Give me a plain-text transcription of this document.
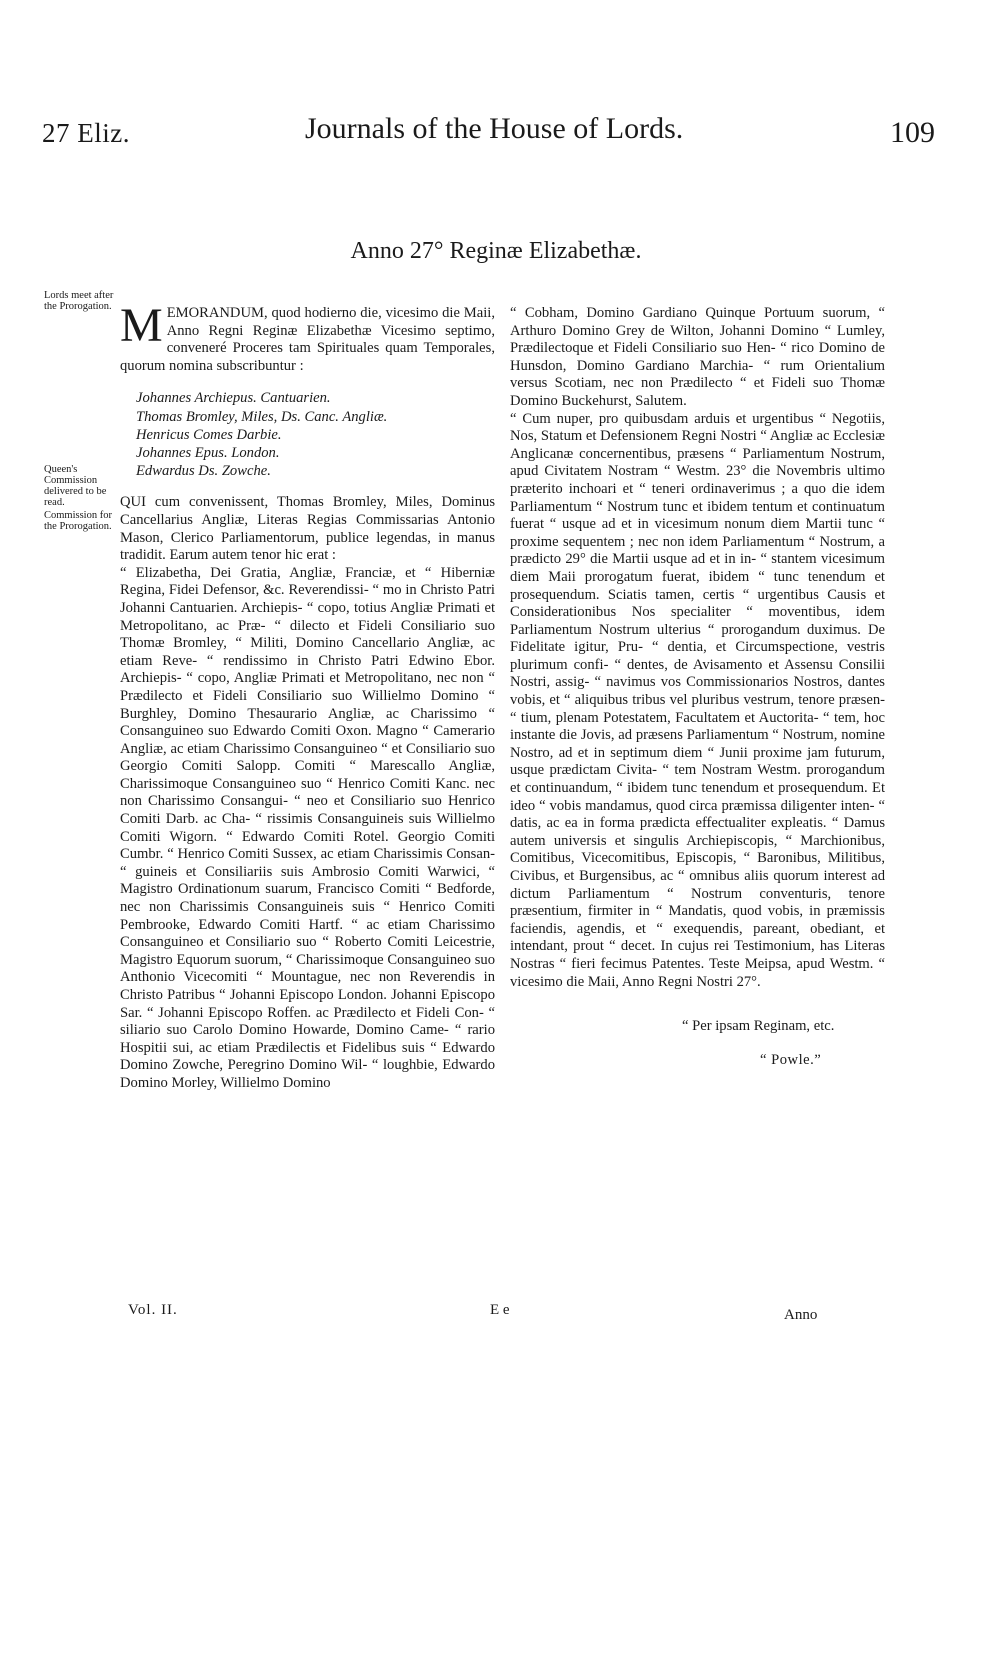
27 Eliz.	Journals of the House of Lords.	109
Anno 27° Reginæ Elizabethæ.
Lords meet after the Prorogation.
Queen's Commission delivered to be read.
Commission for the Prorogation.

MEMORANDUM, quod hodierno die, vicesimo die Maii, Anno Regni Reginæ Elizabethæ Vicesimo septimo, conveneré Proceres tam Spirituales quam Temporales, quorum nomina subscribuntur :

Johannes Archiepus. Cantuarien.
Thomas Bromley, Miles, Ds. Canc. Angliæ.
Henricus Comes Darbie.
Johannes Epus. London.
Edwardus Ds. Zowche.

QUI cum convenissent, Thomas Bromley, Miles, Dominus Cancellarius Angliæ, Literas Regias Commissarias Antonio Mason, Clerico Parliamentorum, publice legendas, in manus tradidit. Earum autem tenor hic erat :

“ Elizabetha, Dei Gratia, Angliæ, Franciæ, et “ Hiberniæ Regina, Fidei Defensor, &c. Reverendissi- “ mo in Christo Patri Johanni Cantuarien. Archiepis- “ copo, totius Angliæ Primati et Metropolitano, ac Præ- “ dilecto et Fideli Consiliario suo Thomæ Bromley, “ Militi, Domino Cancellario Angliæ, ac etiam Reve- “ rendissimo in Christo Patri Edwino Ebor. Archiepis- “ copo, Angliæ Primati et Metropolitano, nec non “ Prædilecto et Fideli Consiliario suo Willielmo Domino “ Burghley, Domino Thesaurario Angliæ, ac Charissimo “ Consanguineo suo Edwardo Comiti Oxon. Magno “ Camerario Angliæ, ac etiam Charissimo Consanguineo “ et Consiliario suo Georgio Comiti Salopp. Comiti “ Marescallo Angliæ, Charissimoque Consanguineo suo “ Henrico Comiti Kanc. nec non Charissimo Consangui- “ neo et Consiliario suo Henrico Comiti Darb. ac Cha- “ rissimis Consanguineis suis Willielmo Comiti Wigorn. “ Edwardo Comiti Rotel. Georgio Comiti Cumbr. “ Henrico Comiti Sussex, ac etiam Charissimis Consan- “ guineis et Consiliariis suis Ambrosio Comiti Warwici, “ Magistro Ordinationum suarum, Francisco Comiti “ Bedforde, nec non Charissimis Consanguineis suis “ Henrico Comiti Pembrooke, Edwardo Comiti Hartf. “ ac etiam Charissimo Consanguineo et Consiliario suo “ Roberto Comiti Leicestrie, Magistro Equorum suorum, “ Charissimoque Consanguineo suo Anthonio Vicecomiti “ Mountague, nec non Reverendis in Christo Patribus “ Johanni Episcopo London. Johanni Episcopo Sar. “ Johanni Episcopo Roffen. ac Prædilecto et Fideli Con- “ siliario suo Carolo Domino Howarde, Domino Came- “ rario Hospitii sui, ac etiam Prædilectis et Fidelibus suis “ Edwardo Domino Zowche, Peregrino Domino Wil- “ loughbie, Edwardo Domino Morley, Willielmo Domino

“ Cobham, Domino Gardiano Quinque Portuum suorum, “ Arthuro Domino Grey de Wilton, Johanni Domino “ Lumley, Prædilectoque et Fideli Consiliario suo Hen- “ rico Domino de Hunsdon, Domino Gardiano Marchia- “ rum Orientalium versus Scotiam, nec non Prædilecto “ et Fideli suo Thomæ Domino Buckehurst, Salutem.

“ Cum nuper, pro quibusdam arduis et urgentibus “ Negotiis, Nos, Statum et Defensionem Regni Nostri “ Angliæ ac Ecclesiæ Anglicanæ concernentibus, præsens “ Parliamentum Nostrum, apud Civitatem Nostram “ Westm. 23° die Novembris ultimo præterito inchoari et “ teneri ordinaverimus ; a quo die idem Parliamentum “ Nostrum tunc et ibidem tentum et continuatum fuerat “ usque ad et in vicesimum nonum diem Martii tunc “ proxime sequentem ; nec non idem Parliamentum “ Nostrum, a prædicto 29° die Martii usque ad et in in- “ stantem vicesimum diem Maii prorogatum fuerat, ibidem “ tunc tenendum et prosequendum. Sciatis tamen, certis “ urgentibus Causis et Considerationibus Nos specialiter “ moventibus, idem Parliamentum Nostrum ulterius “ prorogandum duximus. De Fidelitate igitur, Pru- “ dentia, et Circumspectione, vestris plurimum confi- “ dentes, de Avisamento et Assensu Consilii Nostri, assig- “ navimus vos Commissionarios Nostros, dantes vobis, et “ aliquibus tribus vel pluribus vestrum, tenore præsen- “ tium, plenam Potestatem, Facultatem et Auctorita- “ tem, hoc instante die Jovis, ad præsens Parliamentum “ Nostrum, nomine Nostro, ad et in septimum diem “ Junii proxime jam futurum, usque prædictam Civita- “ tem Nostram Westm. prorogandum et continuandum, “ ibidem tunc tenendum et prosequendum. Et ideo “ vobis mandamus, quod circa præmissa diligenter inten- “ datis, ac ea in forma prædicta effectualiter expleatis. “ Damus autem universis et singulis Archiepiscopis, “ Marchionibus, Comitibus, Vicecomitibus, Episcopis, “ Baronibus, Militibus, Civibus, et Burgensibus, ac “ omnibus aliis quorum interest ad dictum Parliamentum “ Nostrum conventuris, tenore præsentium, firmiter in “ Mandatis, quod vobis, in præmissis faciendis, agendis, et “ exequendis, pareant, obediant, et intendant, prout “ decet. In cujus rei Testimonium, has Literas Nostras “ fieri fecimus Patentes. Teste Meipsa, apud Westm. “ vicesimo die Maii, Anno Regni Nostri 27°.

“ Per ipsam Reginam, etc.
“ Powle.”
Vol. II.	E e	Anno
